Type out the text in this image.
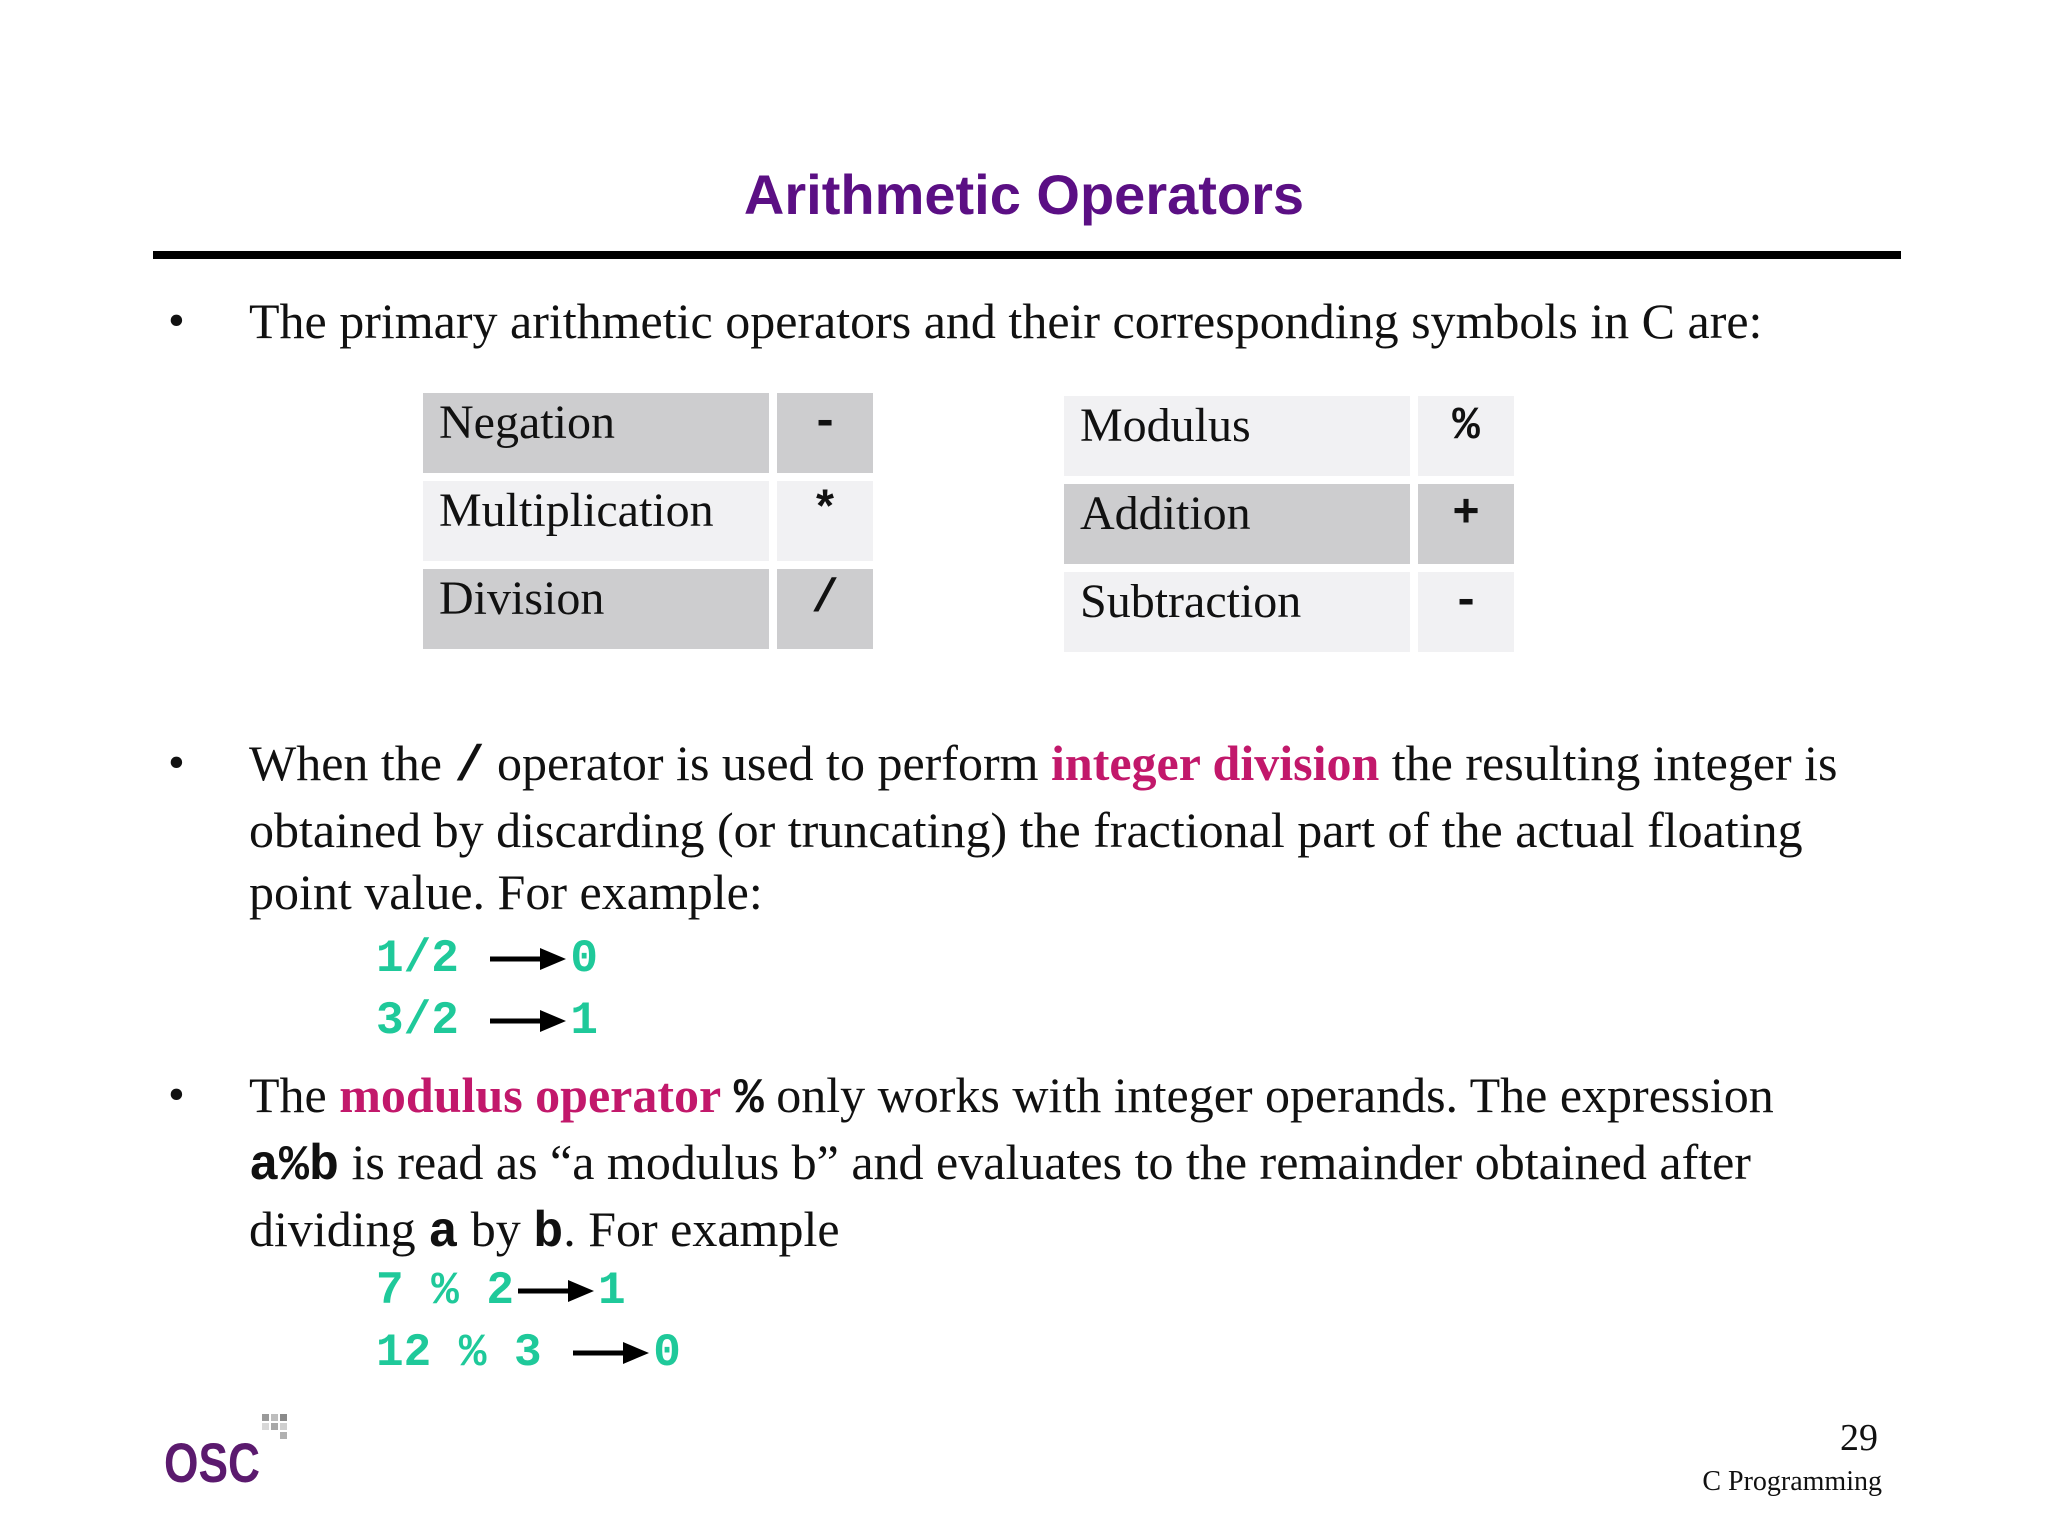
Arithmetic Operators
• The primary arithmetic operators and their corresponding symbols in C are:
Negation	-
Multiplication	*
Division	/
Modulus	%
Addition	+
Subtraction	-
• When the / operator is used to perform integer division the resulting integer is obtained by discarding (or truncating) the fractional part of the actual floating point value. For example:
1/2 0
3/2 1
• The modulus operator % only works with integer operands. The expression a%b is read as “a modulus b” and evaluates to the remainder obtained after dividing a by b. For example
7 % 2 1
12 % 3 0
OSC	29
C Programming
